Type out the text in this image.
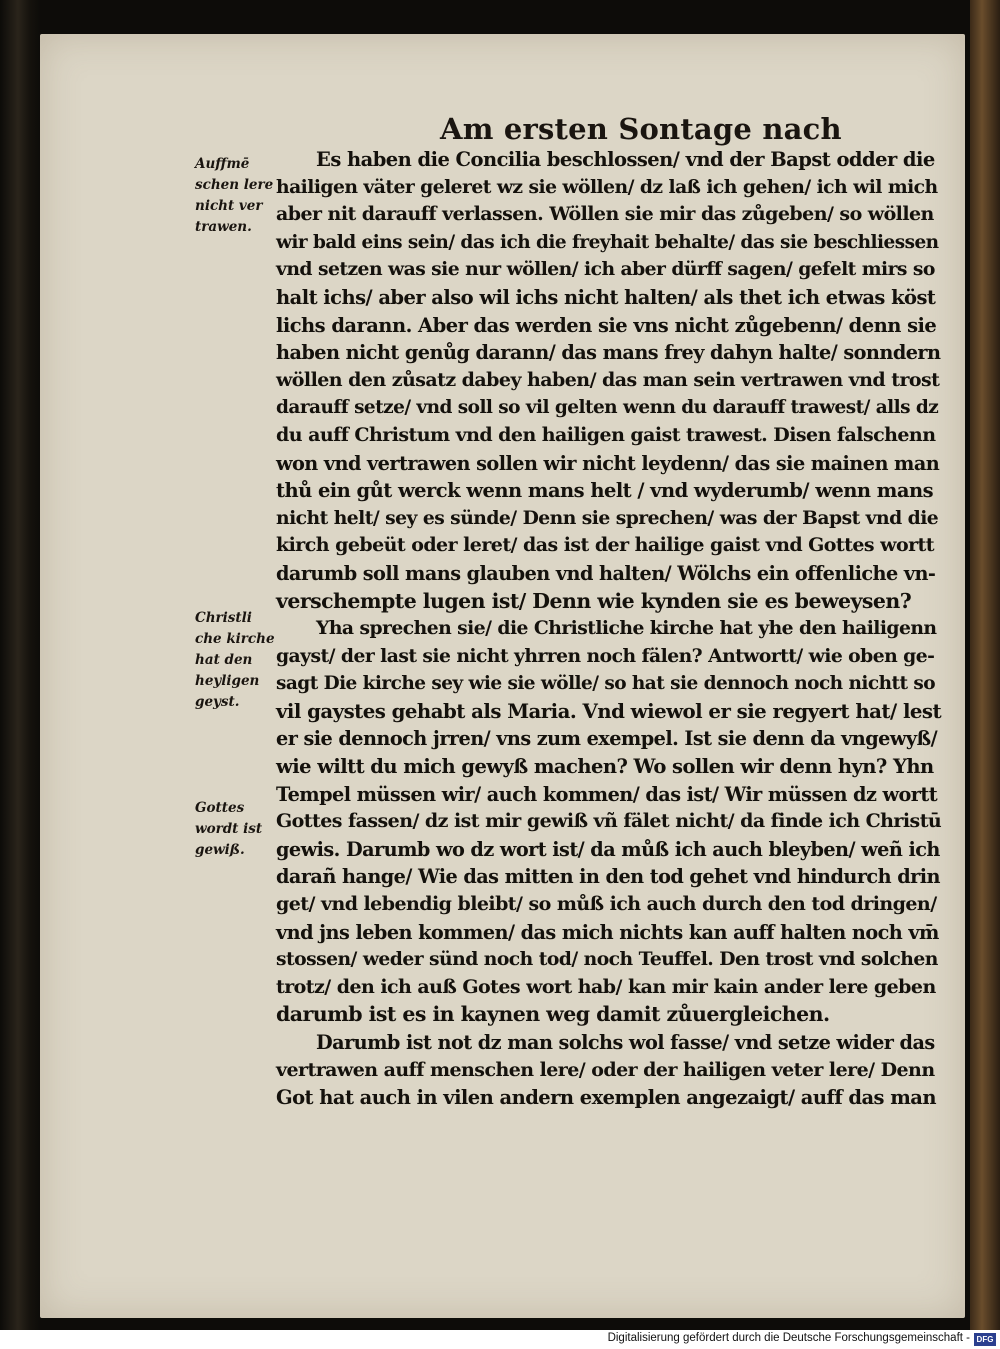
Am ersten Sontage nach
Auffmē
schen lere
nicht ver
trawen.
Christli
che kirche
hat den
heyligen
geyst.
Gottes
wordt ist
gewiß.
Es haben die Concilia beschlossen/ vnd der Bapst odder die
hailigen väter geleret wz sie wöllen/ dz laß ich gehen/ ich wil mich
aber nit darauff verlassen. Wöllen sie mir das zůgeben/ so wöllen
wir bald eins sein/ das ich die freyhait behalte/ das sie beschliessen
vnd setzen was sie nur wöllen/ ich aber dürff sagen/ gefelt mirs so
halt ichs/ aber also wil ichs nicht halten/ als thet ich etwas köst
lichs darann. Aber das werden sie vns nicht zůgebenn/ denn sie
haben nicht genůg darann/ das mans frey dahyn halte/ sonndern
wöllen den zůsatz dabey haben/ das man sein vertrawen vnd trost
darauff setze/ vnd soll so vil gelten wenn du darauff trawest/ alls dz
du auff Christum vnd den hailigen gaist trawest. Disen falschenn
won vnd vertrawen sollen wir nicht leydenn/ das sie mainen man
thů ein gůt werck wenn mans helt / vnd wyderumb/ wenn mans
nicht helt/ sey es sünde/ Denn sie sprechen/ was der Bapst vnd die
kirch gebeüt oder leret/ das ist der hailige gaist vnd Gottes wortt
darumb soll mans glauben vnd halten/ Wölchs ein offenliche vn-
verschempte lugen ist/ Denn wie kynden sie es beweysen?
Yha sprechen sie/ die Christliche kirche hat yhe den hailigenn
gayst/ der last sie nicht yhrren noch fälen? Antwortt/ wie oben ge-
sagt Die kirche sey wie sie wölle/ so hat sie dennoch noch nichtt so
vil gaystes gehabt als Maria. Vnd wiewol er sie regyert hat/ lest
er sie dennoch jrren/ vns zum exempel. Ist sie denn da vngewyß/
wie wiltt du mich gewyß machen? Wo sollen wir denn hyn? Yhn
Tempel müssen wir/ auch kommen/ das ist/ Wir müssen dz wortt
Gottes fassen/ dz ist mir gewiß vñ fälet nicht/ da finde ich Christū
gewis. Darumb wo dz wort ist/ da můß ich auch bleyben/ weñ ich
darañ hange/ Wie das mitten in den tod gehet vnd hindurch drin
get/ vnd lebendig bleibt/ so můß ich auch durch den tod dringen/
vnd jns leben kommen/ das mich nichts kan auff halten noch vm̄
stossen/ weder sünd noch tod/ noch Teuffel. Den trost vnd solchen
trotz/ den ich auß Gotes wort hab/ kan mir kain ander lere geben
darumb ist es in kaynen weg damit zůuergleichen.
Darumb ist not dz man solchs wol fasse/ vnd setze wider das
vertrawen auff menschen lere/ oder der hailigen veter lere/ Denn
Got hat auch in vilen andern exemplen angezaigt/ auff das man
Digitalisierung gefördert durch die Deutsche Forschungsgemeinschaft - DFG
